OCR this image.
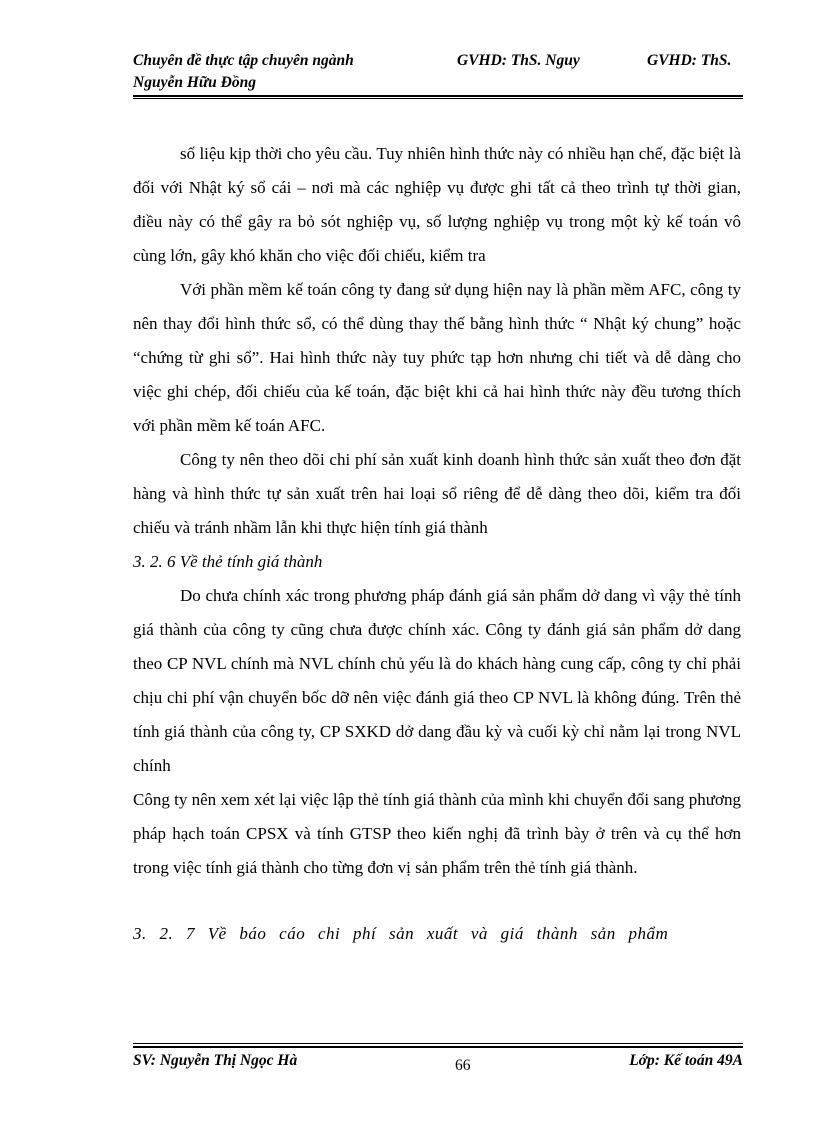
Chuyên đề thực tập chuyên ngành	GVHD: ThS. Nguy	GVHD: ThS.
Nguyễn Hữu Đồng

số liệu kịp thời cho yêu cầu. Tuy nhiên hình thức này có nhiều hạn chế, đặc biệt là đối với Nhật ký sổ cái – nơi mà các nghiệp vụ được ghi tất cả theo trình tự thời gian, điều này có thể gây ra bỏ sót nghiệp vụ, số lượng nghiệp vụ trong một kỳ kế toán vô cùng lớn, gây khó khăn cho việc đối chiếu, kiểm tra

Với phần mềm kế toán công ty đang sử dụng hiện nay là phần mềm AFC, công ty nên thay đổi hình thức sổ, có thể dùng thay thế bằng hình thức “ Nhật ký chung” hoặc “chứng từ ghi sổ”. Hai hình thức này tuy phức tạp hơn nhưng chi tiết và dễ dàng cho việc ghi chép, đối chiếu của kế toán, đặc biệt khi cả hai hình thức này đều tương thích với phần mềm kế toán AFC.

Công ty nên theo dõi chi phí sản xuất kinh doanh hình thức sản xuất theo đơn đặt hàng và hình thức tự sản xuất trên hai loại sổ riêng để dễ dàng theo dõi, kiểm tra đối chiếu và tránh nhầm lẫn khi thực hiện tính giá thành

3. 2. 6 Về thẻ tính giá thành

Do chưa chính xác trong phương pháp đánh giá sản phẩm dở dang vì vậy thẻ tính giá thành của công ty cũng chưa được chính xác. Công ty đánh giá sản phẩm dở dang theo CP NVL chính mà NVL chính chủ yếu là do khách hàng cung cấp, công ty chỉ phải chịu chi phí vận chuyển bốc dỡ nên việc đánh giá theo CP NVL là không đúng. Trên thẻ tính giá thành của công ty, CP SXKD dở dang đầu kỳ và cuối kỳ chỉ nằm lại trong NVL chính

Công ty nên xem xét lại việc lập thẻ tính giá thành của mình khi chuyển đổi sang phương pháp hạch toán CPSX và tính GTSP theo kiến nghị đã trình bày ở trên và cụ thể hơn trong việc tính giá thành cho từng đơn vị sản phẩm trên thẻ tính giá thành.

3. 2. 7 Về báo cáo chi phí sản xuất và giá thành sản phẩm

SV: Nguyễn Thị Ngọc Hà	66	Lớp: Kế toán 49A
